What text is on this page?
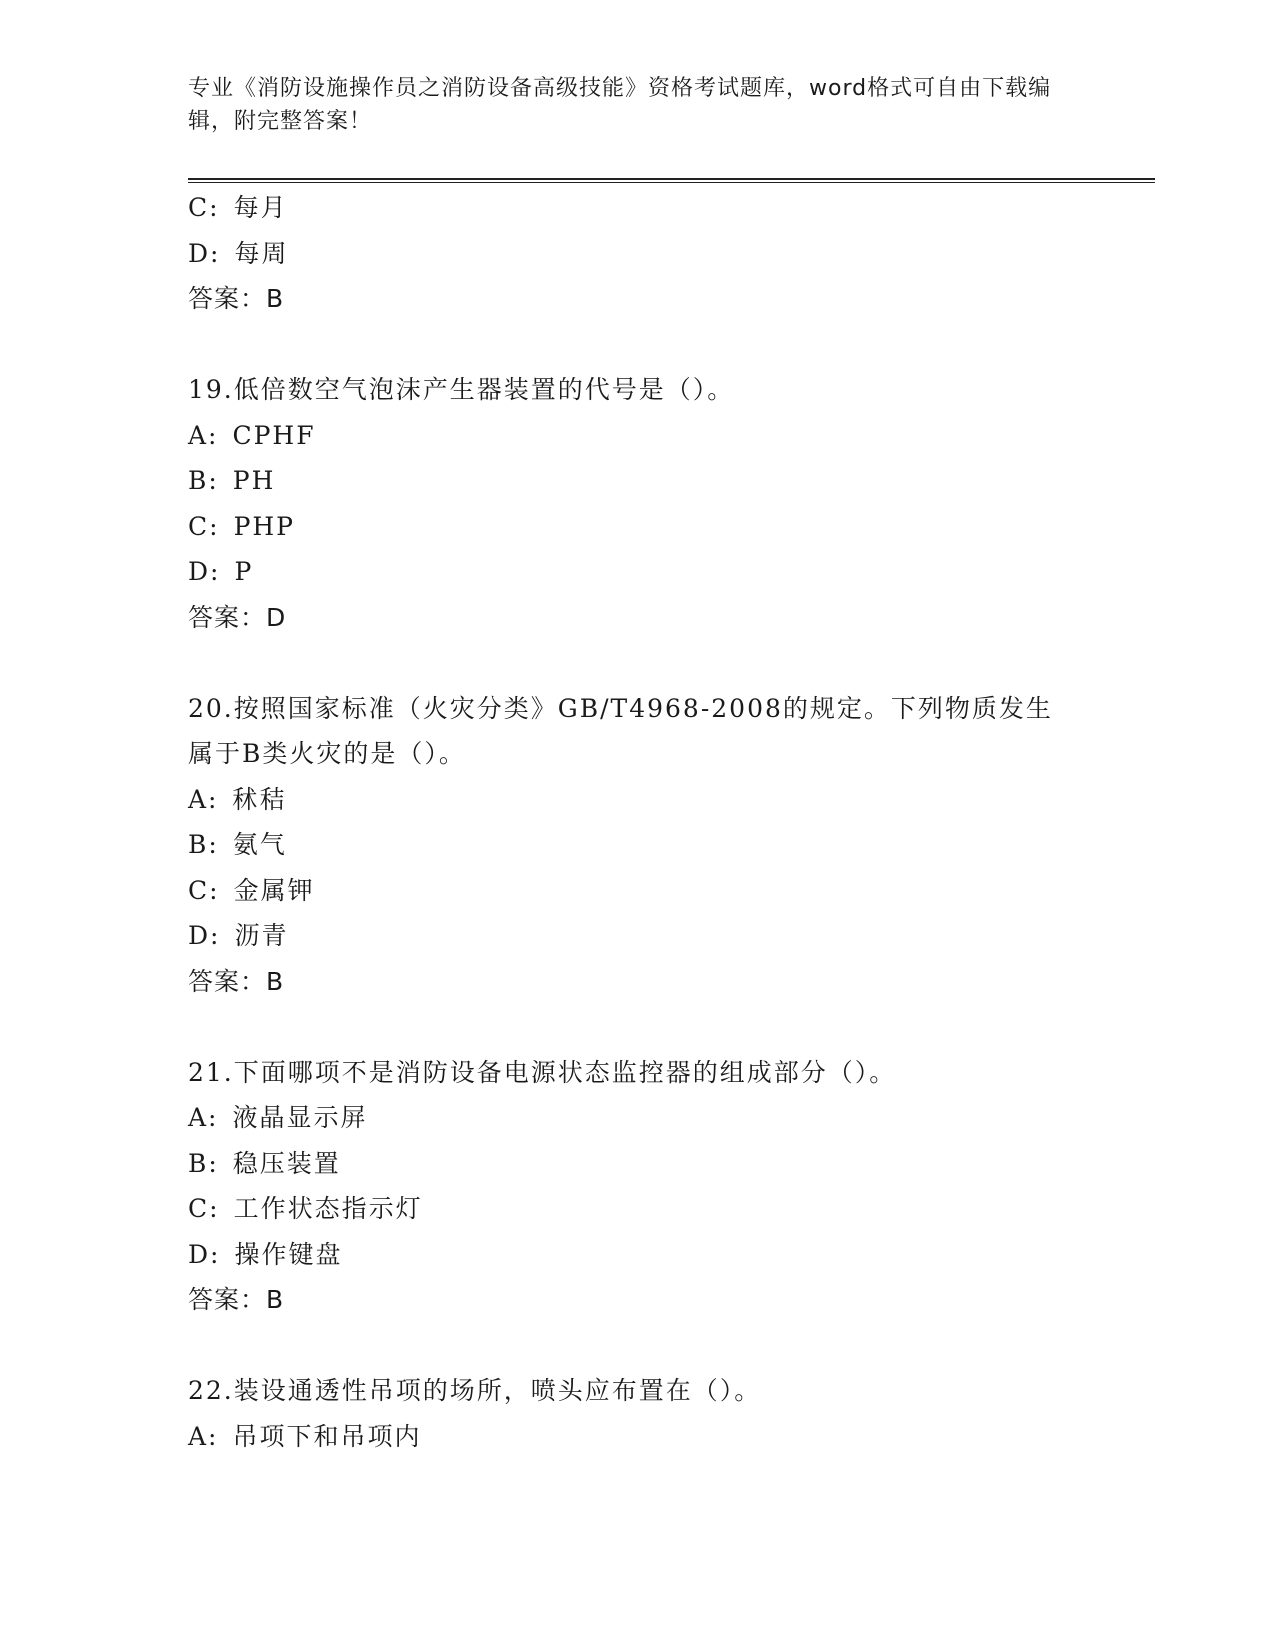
专业《消防设施操作员之消防设备高级技能》资格考试题库，word格式可自由下载编辑，附完整答案！
C: 每月
D: 每周
答案：B
19.低倍数空气泡沫产生器装置的代号是（）。
A: CPHF
B: PH
C: PHP
D: P
答案：D
20.按照国家标准（火灾分类》GB/T4968-2008的规定。下列物质发生属于B类火灾的是（）。
A: 秫秸
B: 氨气
C: 金属钾
D: 沥青
答案：B
21.下面哪项不是消防设备电源状态监控器的组成部分（）。
A: 液晶显示屏
B: 稳压装置
C: 工作状态指示灯
D: 操作键盘
答案：B
22.装设通透性吊项的场所，喷头应布置在（）。
A: 吊项下和吊项内
